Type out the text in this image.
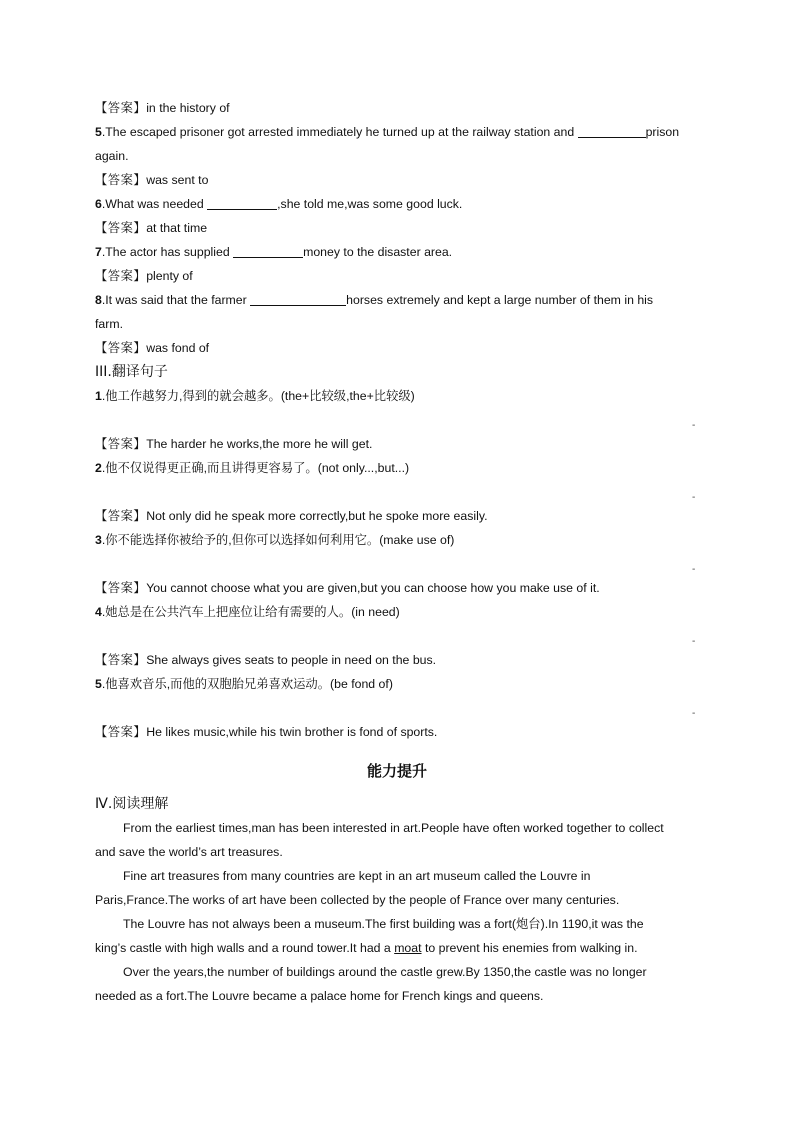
【答案】in the history of
5.The escaped prisoner got arrested immediately he turned up at the railway station and	prison
again.
【答案】was sent to
6.What was needed	,she told me,was some good luck.
【答案】at that time
7.The actor has supplied	money to the disaster area.
【答案】plenty of
8.It was said that the farmer	horses extremely and kept a large number of them in his
farm.
【答案】was fond of
III.翻译句子
1.他工作越努力,得到的就会越多。(the+比较级,the+比较级)
-
【答案】The harder he works,the more he will get.
2.他不仅说得更正确,而且讲得更容易了。(not only...,but...)
-
【答案】Not only did he speak more correctly,but he spoke more easily.
3.你不能选择你被给予的,但你可以选择如何利用它。(make use of)
-
【答案】You cannot choose what you are given,but you can choose how you make use of it.
4.她总是在公共汽车上把座位让给有需要的人。(in need)
-
【答案】She always gives seats to people in need on the bus.
5.他喜欢音乐,而他的双胞胎兄弟喜欢运动。(be fond of)
-
【答案】He likes music,while his twin brother is fond of sports.
能力提升
Ⅳ.阅读理解
From the earliest times,man has been interested in art.People have often worked together to collect
and save the world’s art treasures.
Fine art treasures from many countries are kept in an art museum called the Louvre in
Paris,France.The works of art have been collected by the people of France over many centuries.
The Louvre has not always been a museum.The first building was a fort(炮台).In 1190,it was the
king’s castle with high walls and a round tower.It had a moat to prevent his enemies from walking in.
Over the years,the number of buildings around the castle grew.By 1350,the castle was no longer
needed as a fort.The Louvre became a palace home for French kings and queens.
